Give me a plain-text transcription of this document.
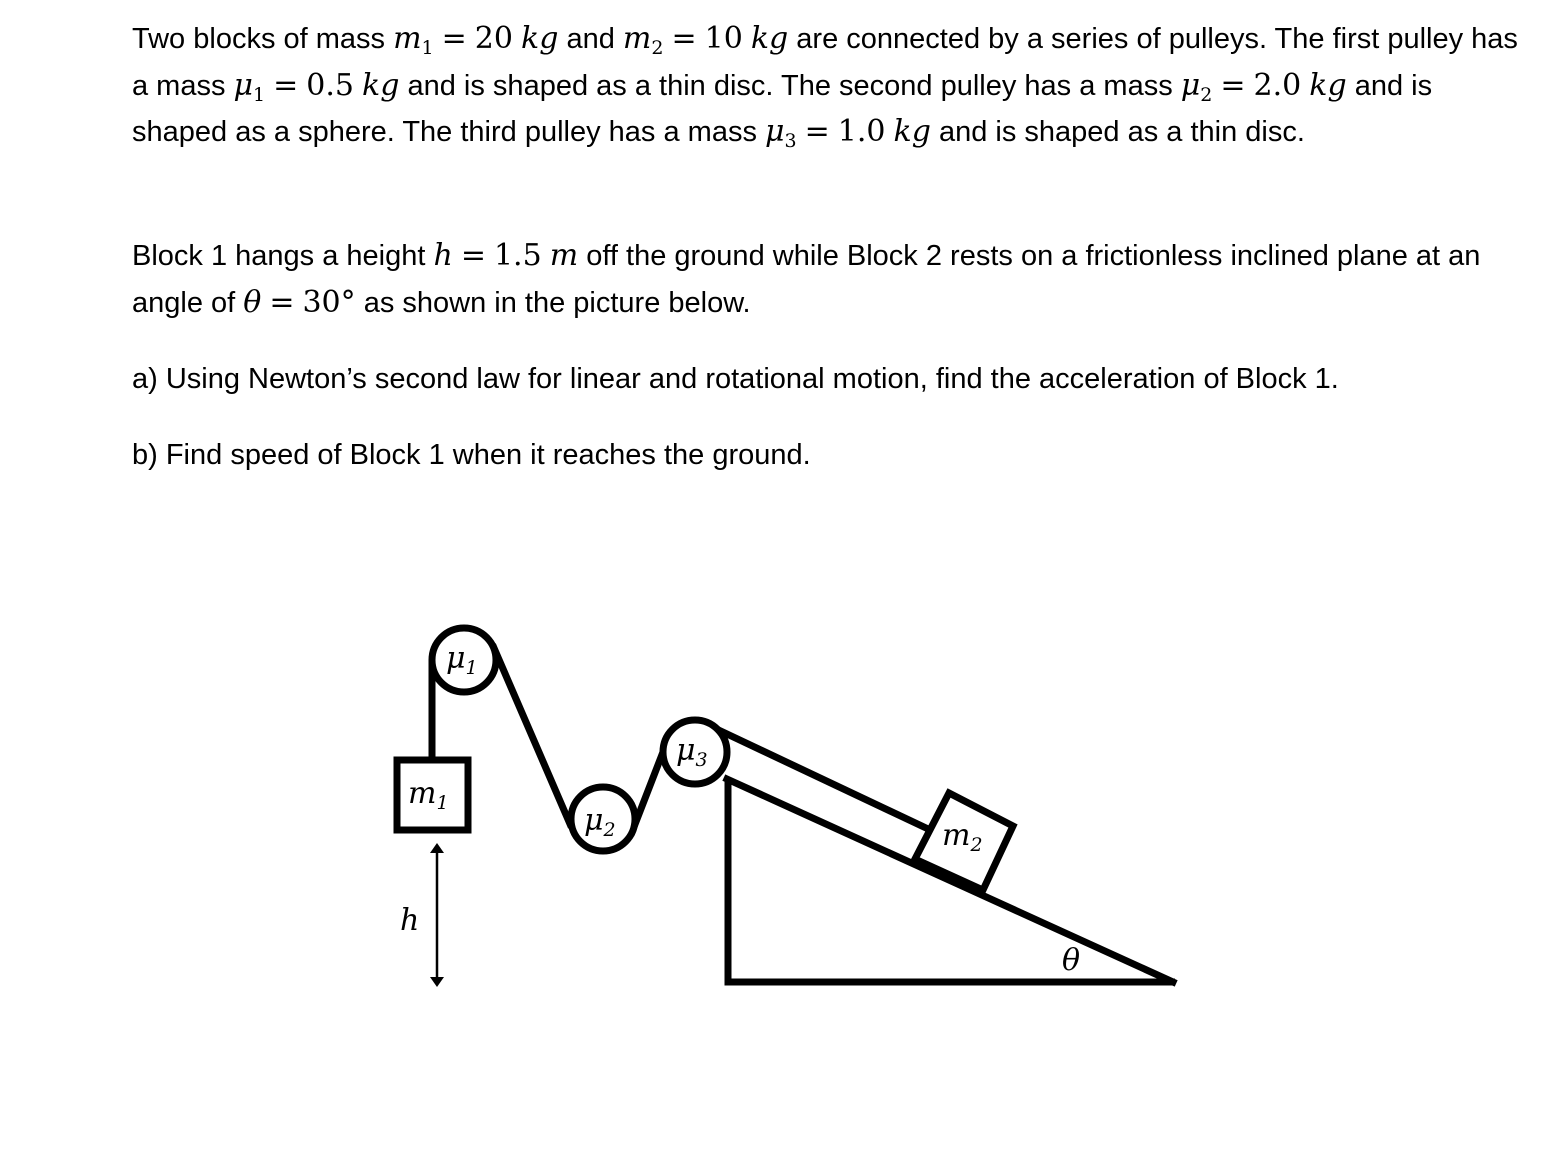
Two blocks of mass $m_1 = 20$ kg and $m_2 = 10$ kg are connected by a series of pulleys. The first pulley has a mass $\mu_1 = 0.5$ kg and is shaped as a thin disc. The second pulley has a mass $\mu_2 = 2.0$ kg and is shaped as a sphere. The third pulley has a mass $\mu_3 = 1.0$ kg and is shaped as a thin disc.
Block 1 hangs a height h = 1.5 m off the ground while Block 2 rests on a frictionless inclined plane at an angle of θ = 30° as shown in the picture below.
a) Using Newton’s second law for linear and rotational motion, find the acceleration of Block 1.
b) Find speed of Block 1 when it reaches the ground.
$\mu_1$
$\mu_2$
$\mu_3$
$m_1$
$m_2$
h
θ
